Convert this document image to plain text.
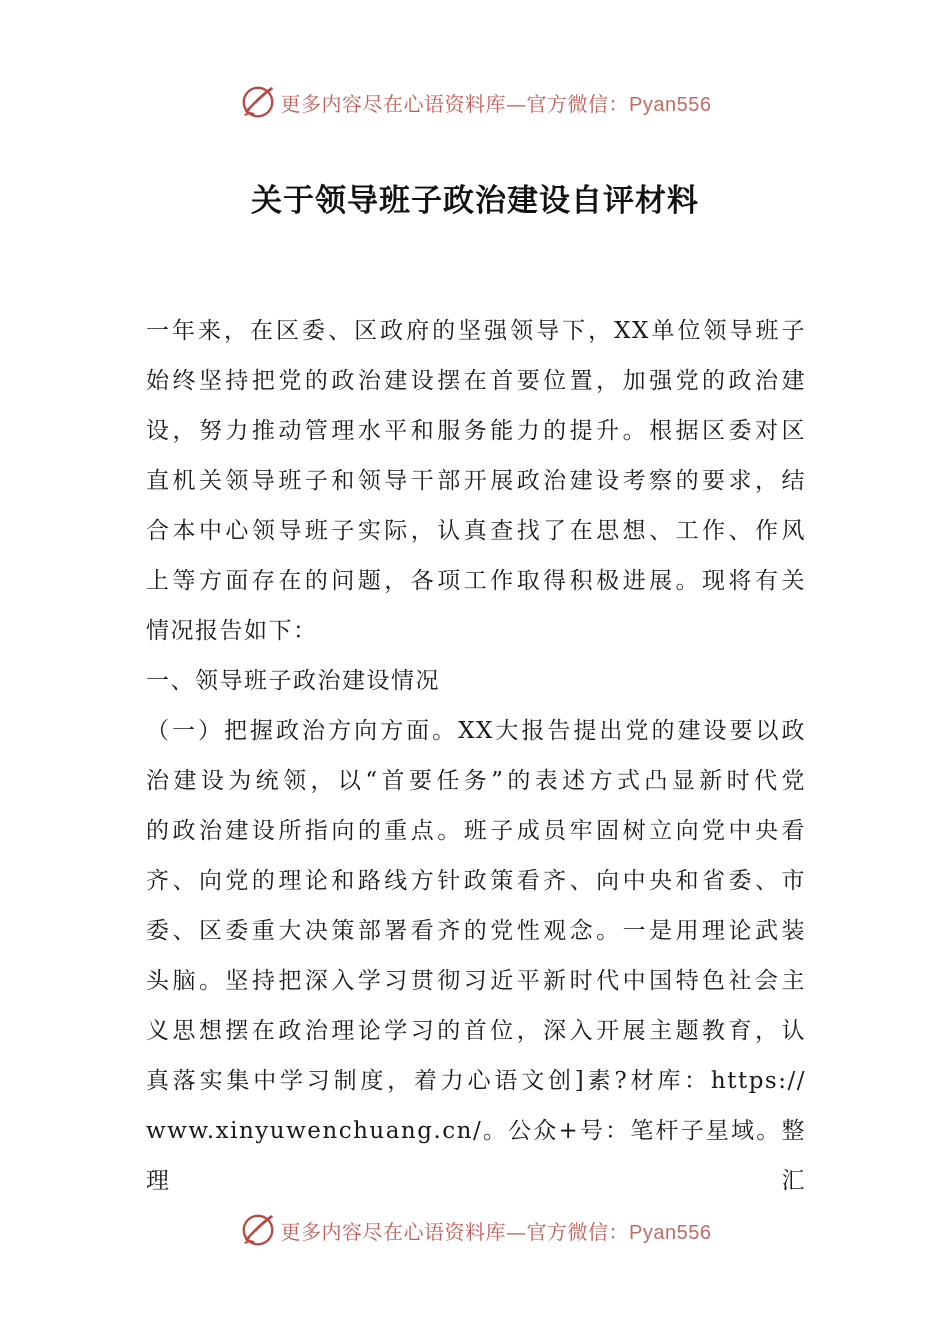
更多内容尽在心语资料库—官方微信：Pyan556
关于领导班子政治建设自评材料
一年来，在区委、区政府的坚强领导下，XX单位领导班子
始终坚持把党的政治建设摆在首要位置，加强党的政治建
设，努力推动管理水平和服务能力的提升。根据区委对区
直机关领导班子和领导干部开展政治建设考察的要求，结
合本中心领导班子实际，认真查找了在思想、工作、作风
上等方面存在的问题，各项工作取得积极进展。现将有关
情况报告如下：
一、领导班子政治建设情况
（一）把握政治方向方面。XX大报告提出党的建设要以政
治建设为统领，以“首要任务”的表述方式凸显新时代党
的政治建设所指向的重点。班子成员牢固树立向党中央看
齐、向党的理论和路线方针政策看齐、向中央和省委、市
委、区委重大决策部署看齐的党性观念。一是用理论武装
头脑。坚持把深入学习贯彻习近平新时代中国特色社会主
义思想摆在政治理论学习的首位，深入开展主题教育，认
真落实集中学习制度，着力心语文创]素?材库：https://
www.xinyuwenchuang.cn/。公众+号：笔杆子星域。整理汇
更多内容尽在心语资料库—官方微信：Pyan556
